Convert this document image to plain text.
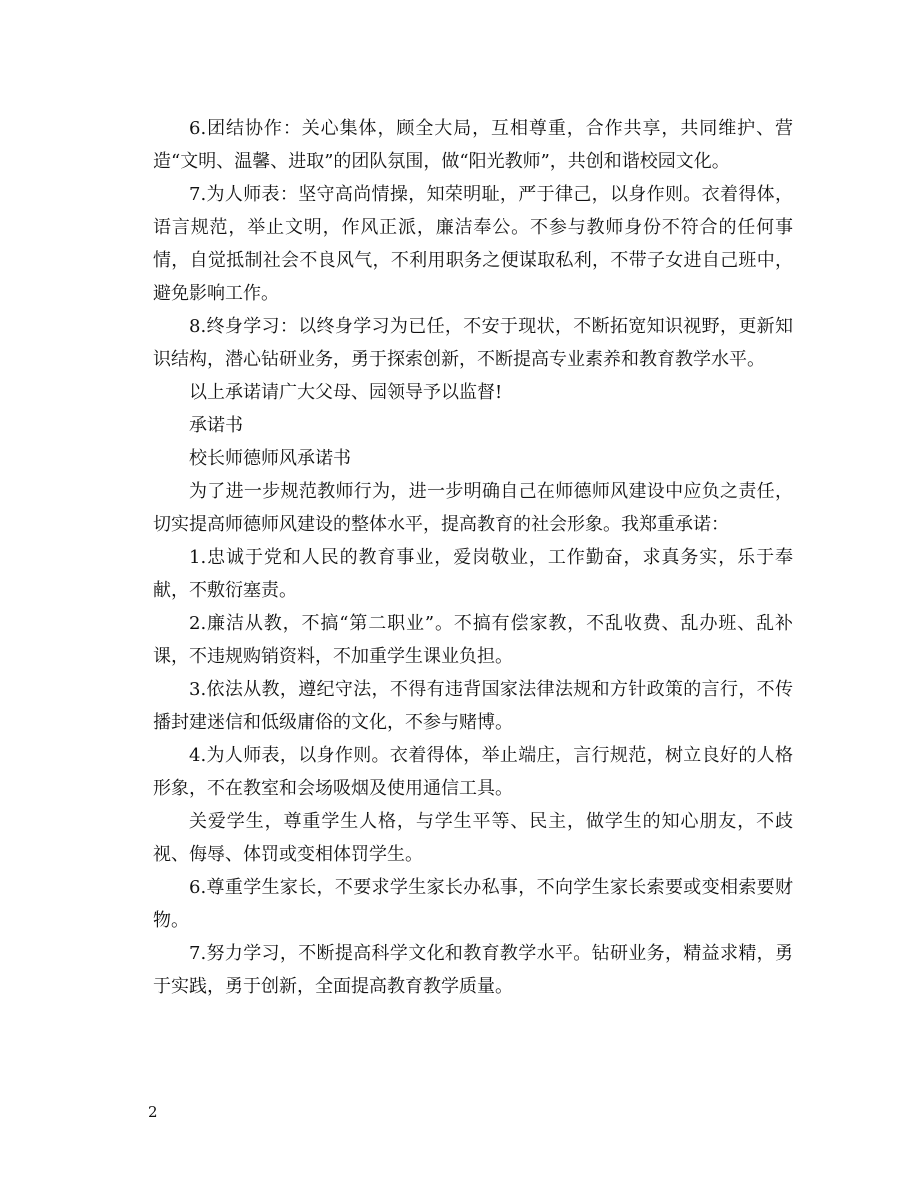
6.团结协作：关心集体，顾全大局，互相尊重，合作共享，共同维护、营造“文明、温馨、进取”的团队氛围，做“阳光教师”，共创和谐校园文化。

7.为人师表：坚守高尚情操，知荣明耻，严于律己，以身作则。衣着得体，语言规范，举止文明，作风正派，廉洁奉公。不参与教师身份不符合的任何事情，自觉抵制社会不良风气，不利用职务之便谋取私利，不带子女进自己班中，避免影响工作。

8.终身学习：以终身学习为已任，不安于现状，不断拓宽知识视野，更新知识结构，潜心钻研业务，勇于探索创新，不断提高专业素养和教育教学水平。

以上承诺请广大父母、园领导予以监督!

承诺书

校长师德师风承诺书

为了进一步规范教师行为，进一步明确自己在师德师风建设中应负之责任，切实提高师德师风建设的整体水平，提高教育的社会形象。我郑重承诺：

1.忠诚于党和人民的教育事业，爱岗敬业，工作勤奋，求真务实，乐于奉献，不敷衍塞责。

2.廉洁从教，不搞“第二职业”。不搞有偿家教，不乱收费、乱办班、乱补课，不违规购销资料，不加重学生课业负担。

3.依法从教，遵纪守法，不得有违背国家法律法规和方针政策的言行，不传播封建迷信和低级庸俗的文化，不参与赌博。

4.为人师表，以身作则。衣着得体，举止端庄，言行规范，树立良好的人格形象，不在教室和会场吸烟及使用通信工具。

关爱学生，尊重学生人格，与学生平等、民主，做学生的知心朋友，不歧视、侮辱、体罚或变相体罚学生。

6.尊重学生家长，不要求学生家长办私事，不向学生家长索要或变相索要财物。

7.努力学习，不断提高科学文化和教育教学水平。钻研业务，精益求精，勇于实践，勇于创新，全面提高教育教学质量。

2
